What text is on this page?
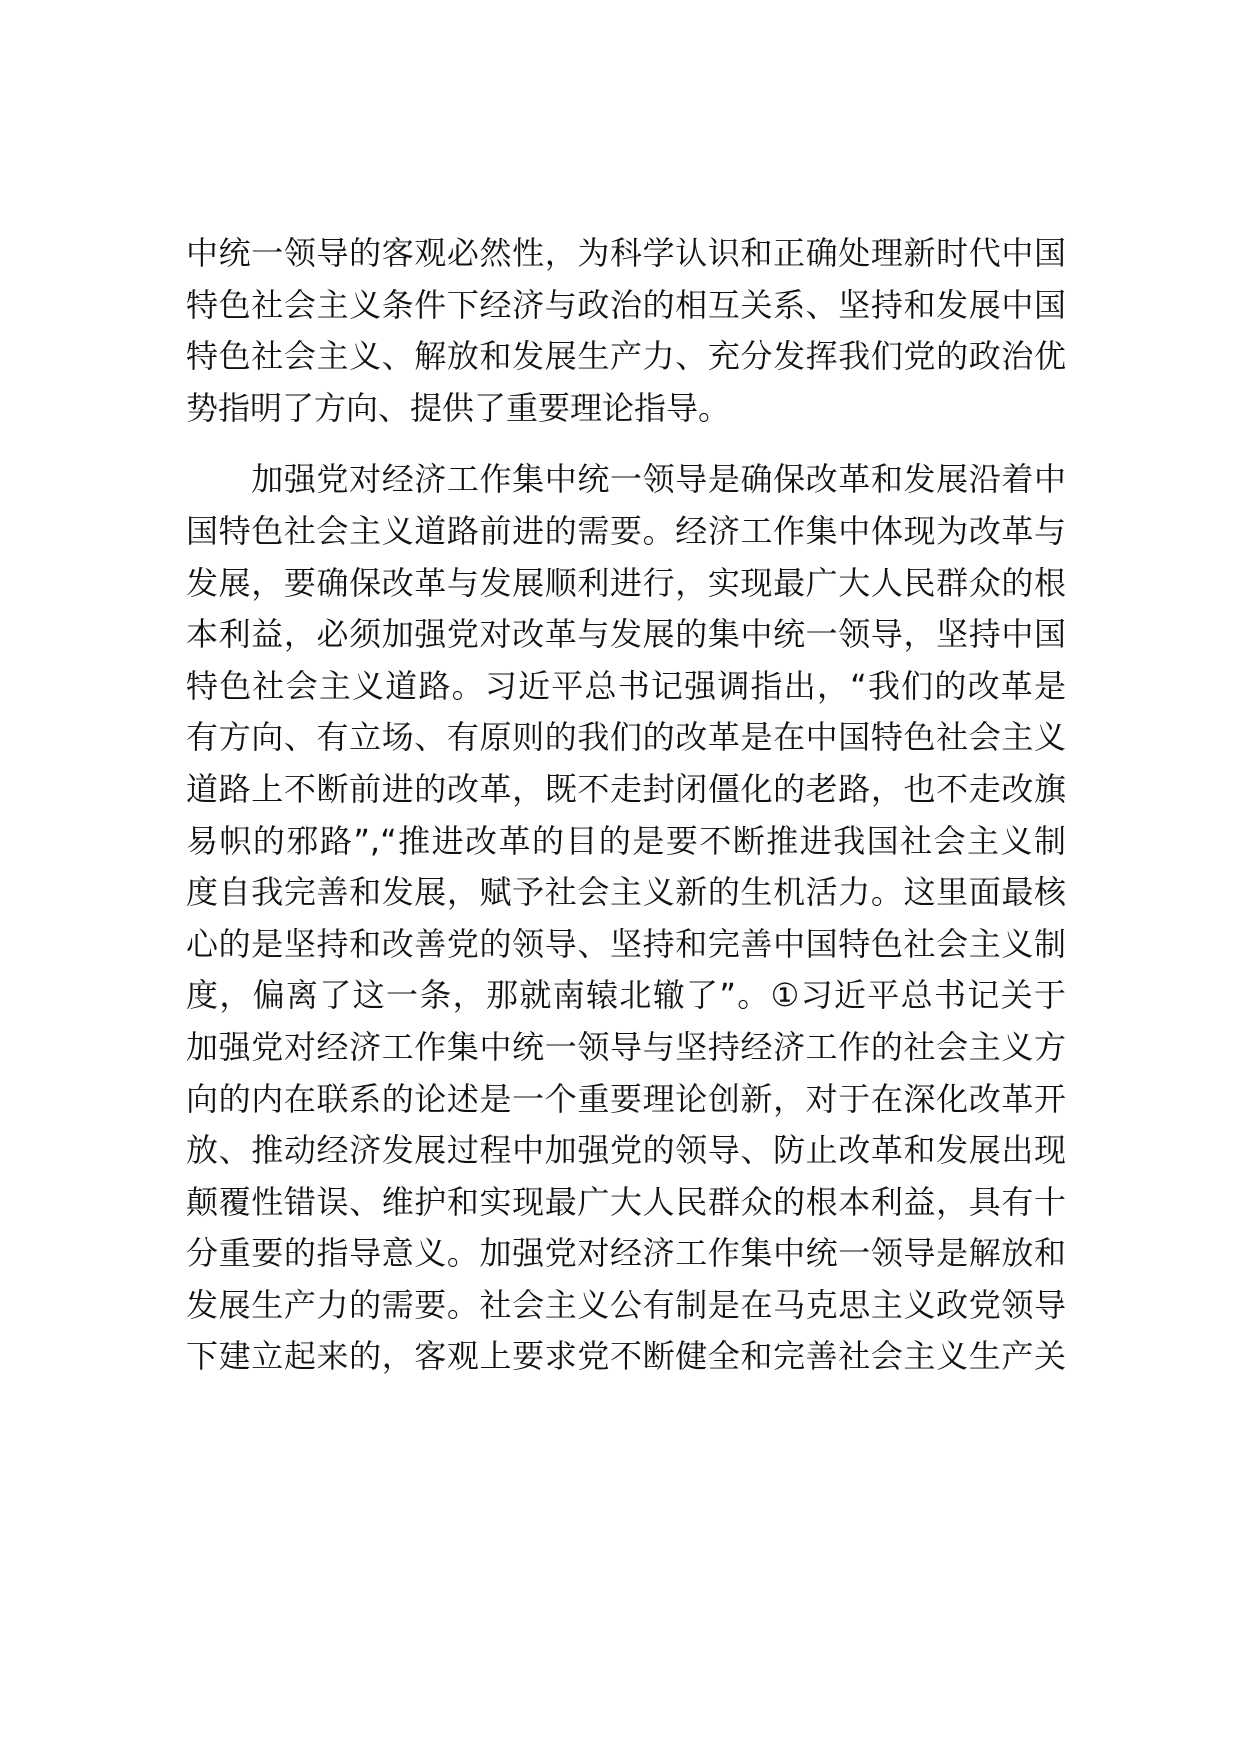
中统一领导的客观必然性，为科学认识和正确处理新时代中国
特色社会主义条件下经济与政治的相互关系、坚持和发展中国
特色社会主义、解放和发展生产力、充分发挥我们党的政治优
势指明了方向、提供了重要理论指导。

　　加强党对经济工作集中统一领导是确保改革和发展沿着中
国特色社会主义道路前进的需要。经济工作集中体现为改革与
发展，要确保改革与发展顺利进行，实现最广大人民群众的根
本利益，必须加强党对改革与发展的集中统一领导，坚持中国
特色社会主义道路。习近平总书记强调指出，“我们的改革是
有方向、有立场、有原则的我们的改革是在中国特色社会主义
道路上不断前进的改革，既不走封闭僵化的老路，也不走改旗
易帜的邪路”,“推进改革的目的是要不断推进我国社会主义制
度自我完善和发展，赋予社会主义新的生机活力。这里面最核
心的是坚持和改善党的领导、坚持和完善中国特色社会主义制
度，偏离了这一条，那就南辕北辙了”。①习近平总书记关于
加强党对经济工作集中统一领导与坚持经济工作的社会主义方
向的内在联系的论述是一个重要理论创新，对于在深化改革开
放、推动经济发展过程中加强党的领导、防止改革和发展出现
颠覆性错误、维护和实现最广大人民群众的根本利益，具有十
分重要的指导意义。加强党对经济工作集中统一领导是解放和
发展生产力的需要。社会主义公有制是在马克思主义政党领导
下建立起来的，客观上要求党不断健全和完善社会主义生产关
